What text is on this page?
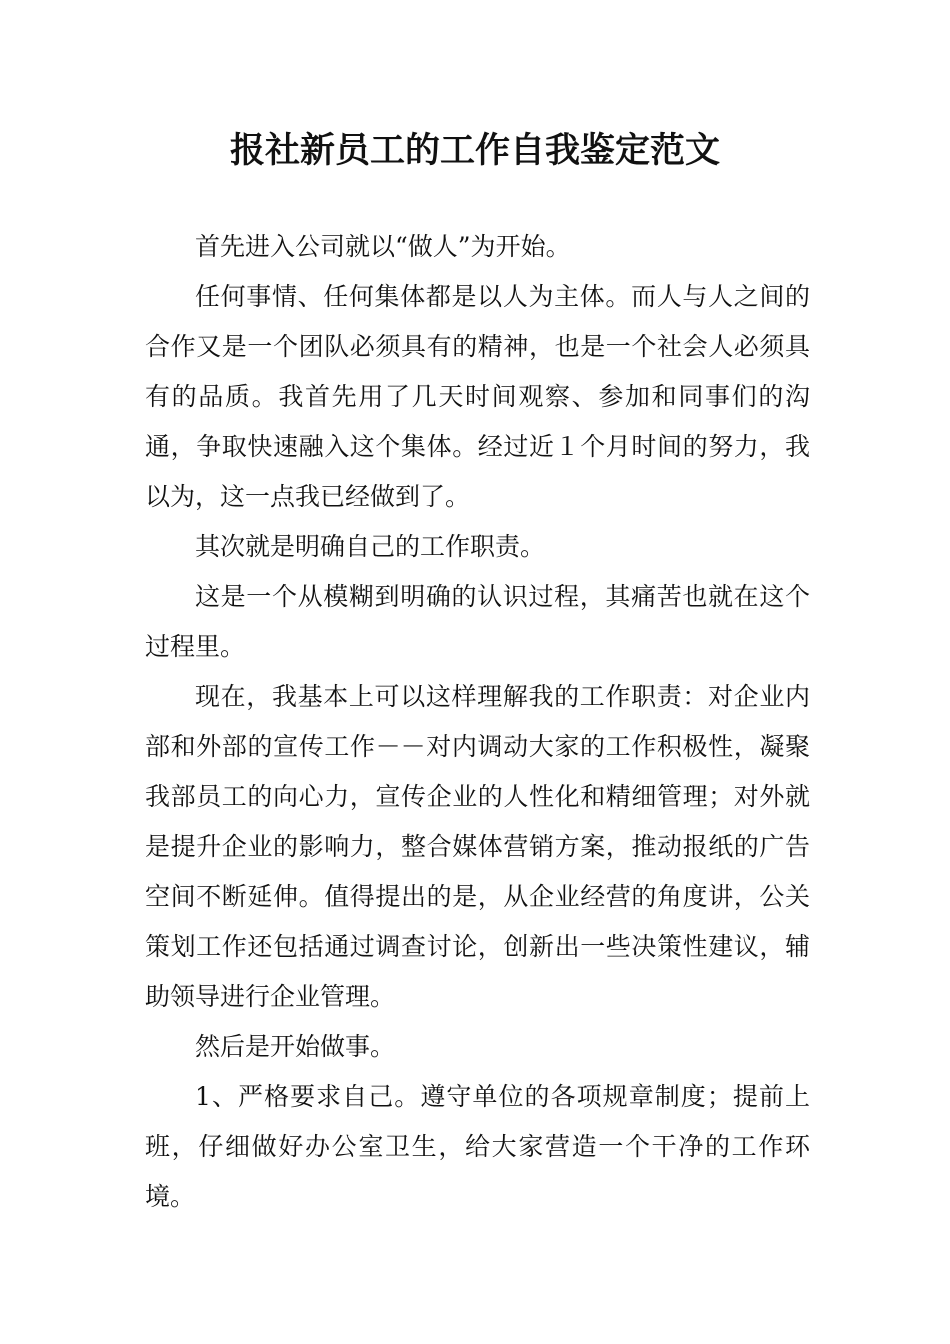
报社新员工的工作自我鉴定范文

首先进入公司就以“做人”为开始。

任何事情、任何集体都是以人为主体。而人与人之间的合作又是一个团队必须具有的精神，也是一个社会人必须具有的品质。我首先用了几天时间观察、参加和同事们的沟通，争取快速融入这个集体。经过近１个月时间的努力，我以为，这一点我已经做到了。

其次就是明确自己的工作职责。

这是一个从模糊到明确的认识过程，其痛苦也就在这个过程里。

现在，我基本上可以这样理解我的工作职责：对企业内部和外部的宣传工作－－对内调动大家的工作积极性，凝聚我部员工的向心力，宣传企业的人性化和精细管理；对外就是提升企业的影响力，整合媒体营销方案，推动报纸的广告空间不断延伸。值得提出的是，从企业经营的角度讲，公关策划工作还包括通过调查讨论，创新出一些决策性建议，辅助领导进行企业管理。

然后是开始做事。

1、严格要求自己。遵守单位的各项规章制度；提前上班，仔细做好办公室卫生，给大家营造一个干净的工作环境。
